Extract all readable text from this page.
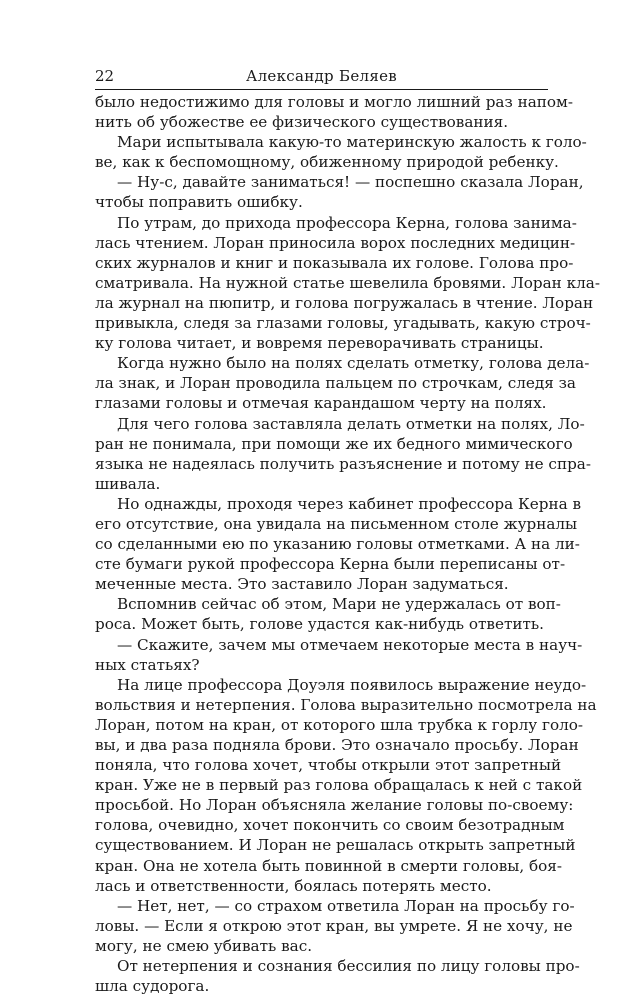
22	Александр Беляев
было недостижимо для головы и могло лишний раз напом-
нить об убожестве ее физического существования.
Мари испытывала какую-то материнскую жалость к голо-
ве, как к беспомощному, обиженному природой ребенку.
— Ну-с, давайте заниматься! — поспешно сказала Лоран,
чтобы поправить ошибку.
По утрам, до прихода профессора Керна, голова занима-
лась чтением. Лоран приносила ворох последних медицин-
ских журналов и книг и показывала их голове. Голова про-
сматривала. На нужной статье шевелила бровями. Лоран кла-
ла журнал на пюпитр, и голова погружалась в чтение. Лоран
привыкла, следя за глазами головы, угадывать, какую строч-
ку голова читает, и вовремя переворачивать страницы.
Когда нужно было на полях сделать отметку, голова дела-
ла знак, и Лоран проводила пальцем по строчкам, следя за
глазами головы и отмечая карандашом черту на полях.
Для чего голова заставляла делать отметки на полях, Ло-
ран не понимала, при помощи же их бедного мимического
языка не надеялась получить разъяснение и потому не спра-
шивала.
Но однажды, проходя через кабинет профессора Керна в
его отсутствие, она увидала на письменном столе журналы
со сделанными ею по указанию головы отметками. А на ли-
сте бумаги рукой профессора Керна были переписаны от-
меченные места. Это заставило Лоран задуматься.
Вспомнив сейчас об этом, Мари не удержалась от воп-
роса. Может быть, голове удастся как-нибудь ответить.
— Скажите, зачем мы отмечаем некоторые места в науч-
ных статьях?
На лице профессора Доуэля появилось выражение неудо-
вольствия и нетерпения. Голова выразительно посмотрела на
Лоран, потом на кран, от которого шла трубка к горлу голо-
вы, и два раза подняла брови. Это означало просьбу. Лоран
поняла, что голова хочет, чтобы открыли этот запретный
кран. Уже не в первый раз голова обращалась к ней с такой
просьбой. Но Лоран объясняла желание головы по-своему:
голова, очевидно, хочет покончить со своим безотрадным
существованием. И Лоран не решалась открыть запретный
кран. Она не хотела быть повинной в смерти головы, боя-
лась и ответственности, боялась потерять место.
— Нет, нет, — со страхом ответила Лоран на просьбу го-
ловы. — Если я открою этот кран, вы умрете. Я не хочу, не
могу, не смею убивать вас.
От нетерпения и сознания бессилия по лицу головы про-
шла судорога.
